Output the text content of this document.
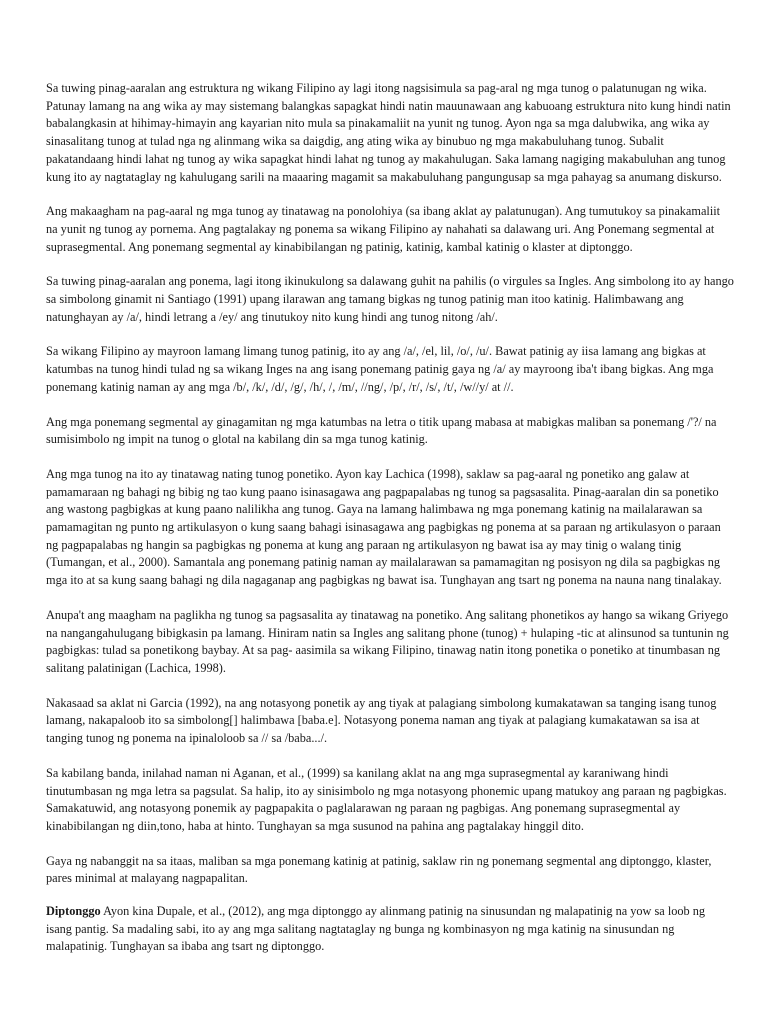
Sa tuwing pinag-aaralan ang estruktura ng wikang Filipino ay lagi itong nagsisimula sa pag-aral ng mga tunog o palatunugan ng wika. Patunay lamang na ang wika ay may sistemang balangkas sapagkat hindi natin mauunawaan ang kabuoang estruktura nito kung hindi natin babalangkasin at hihimay-himayin ang kayarian nito mula sa pinakamaliit na yunit ng tunog. Ayon nga sa mga dalubwika, ang wika ay sinasalitang tunog at tulad nga ng alinmang wika sa daigdig, ang ating wika ay binubuo ng mga makabuluhang tunog. Subalit pakatandaang hindi lahat ng tunog ay wika sapagkat hindi lahat ng tunog ay makahulugan. Saka lamang nagiging makabuluhan ang tunog kung ito ay nagtataglay ng kahulugang sarili na maaaring magamit sa makabuluhang pangungusap sa mga pahayag sa anumang diskurso.

Ang makaagham na pag-aaral ng mga tunog ay tinatawag na ponolohiya (sa ibang aklat ay palatunugan). Ang tumutukoy sa pinakamaliit na yunit ng tunog ay pornema. Ang pagtalakay ng ponema sa wikang Filipino ay nahahati sa dalawang uri. Ang Ponemang segmental at suprasegmental. Ang ponemang segmental ay kinabibilangan ng patinig, katinig, kambal katinig o klaster at diptonggo.

Sa tuwing pinag-aaralan ang ponema, lagi itong ikinukulong sa dalawang guhit na pahilis (o virgules sa Ingles. Ang simbolong ito ay hango sa simbolong ginamit ni Santiago (1991) upang ilarawan ang tamang bigkas ng tunog patinig man itoo katinig. Halimbawang ang natunghayan ay /a/, hindi letrang a /ey/ ang tinutukoy nito kung hindi ang tunog nitong /ah/.

Sa wikang Filipino ay mayroon lamang limang tunog patinig, ito ay ang /a/, /el, lil, /o/, /u/. Bawat patinig ay iisa lamang ang bigkas at katumbas na tunog hindi tulad ng sa wikang Inges na ang isang ponemang patinig gaya ng /a/ ay mayroong iba't ibang bigkas. Ang mga ponemang katinig naman ay ang mga /b/, /k/, /d/, /g/, /h/, /, /m/, //ng/, /p/, /r/, /s/, /t/, /w//y/ at //.

Ang mga ponemang segmental ay ginagamitan ng mga katumbas na letra o titik upang mabasa at mabigkas maliban sa ponemang /'?/ na sumisimbolo ng impit na tunog o glotal na kabilang din sa mga tunog katinig.

Ang mga tunog na ito ay tinatawag nating tunog ponetiko. Ayon kay Lachica (1998), saklaw sa pag-aaral ng ponetiko ang galaw at pamamaraan ng bahagi ng bibig ng tao kung paano isinasagawa ang pagpapalabas ng tunog sa pagsasalita. Pinag-aaralan din sa ponetiko ang wastong pagbigkas at kung paano nalilikha ang tunog. Gaya na lamang halimbawa ng mga ponemang katinig na mailalarawan sa pamamagitan ng punto ng artikulasyon o kung saang bahagi isinasagawa ang pagbigkas ng ponema at sa paraan ng artikulasyon o paraan ng pagpapalabas ng hangin sa pagbigkas ng ponema at kung ang paraan ng artikulasyon ng bawat isa ay may tinig o walang tinig (Tumangan, et al., 2000). Samantala ang ponemang patinig naman ay mailalarawan sa pamamagitan ng posisyon ng dila sa pagbigkas ng mga ito at sa kung saang bahagi ng dila nagaganap ang pagbigkas ng bawat isa. Tunghayan ang tsart ng ponema na nauna nang tinalakay.

Anupa't ang maagham na paglikha ng tunog sa pagsasalita ay tinatawag na ponetiko. Ang salitang phonetikos ay hango sa wikang Griyego na nangangahulugang bibigkasin pa lamang. Hiniram natin sa Ingles ang salitang phone (tunog) + hulaping -tic at alinsunod sa tuntunin ng pagbigkas: tulad sa ponetikong baybay. At sa pag- aasimila sa wikang Filipino, tinawag natin itong ponetika o ponetiko at tinumbasan ng salitang palatinigan (Lachica, 1998).

Nakasaad sa aklat ni Garcia (1992), na ang notasyong ponetik ay ang tiyak at palagiang simbolong kumakatawan sa tanging isang tunog lamang, nakapaloob ito sa simbolong[] halimbawa [baba.e]. Notasyong ponema naman ang tiyak at palagiang kumakatawan sa isa at tanging tunog ng ponema na ipinaloloob sa // sa /baba.../.

Sa kabilang banda, inilahad naman ni Aganan, et al., (1999) sa kanilang aklat na ang mga suprasegmental ay karaniwang hindi tinutumbasan ng mga letra sa pagsulat. Sa halip, ito ay sinisimbolo ng mga notasyong phonemic upang matukoy ang paraan ng pagbigkas. Samakatuwid, ang notasyong ponemik ay pagpapakita o paglalarawan ng paraan ng pagbigas. Ang ponemang suprasegmental ay kinabibilangan ng diin,tono, haba at hinto. Tunghayan sa mga susunod na pahina ang pagtalakay hinggil dito.

Gaya ng nabanggit na sa itaas, maliban sa mga ponemang katinig at patinig, saklaw rin ng ponemang segmental ang diptonggo, klaster, pares minimal at malayang nagpapalitan.

Diptonggo Ayon kina Dupale, et al., (2012), ang mga diptonggo ay alinmang patinig na sinusundan ng malapatinig na yow sa loob ng isang pantig. Sa madaling sabi, ito ay ang mga salitang nagtataglay ng bunga ng kombinasyon ng mga katinig na sinusundan ng malapatinig. Tunghayan sa ibaba ang tsart ng diptonggo.
